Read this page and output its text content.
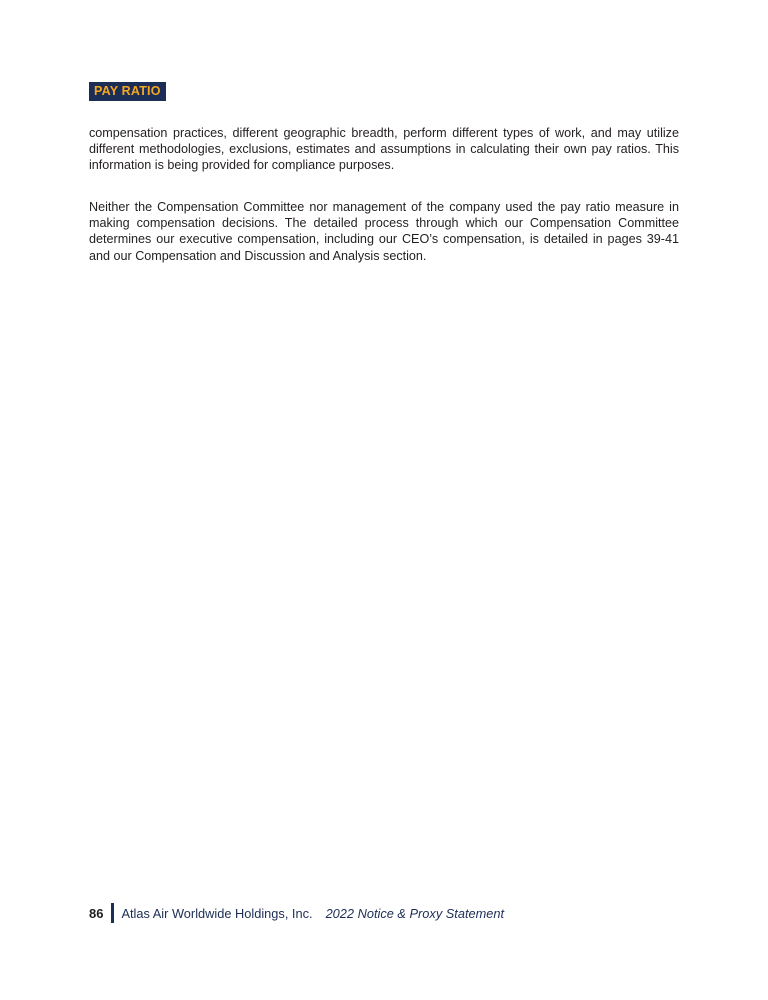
PAY RATIO

compensation practices, different geographic breadth, perform different types of work, and may utilize different methodologies, exclusions, estimates and assumptions in calculating their own pay ratios. This information is being provided for compliance purposes.

Neither the Compensation Committee nor management of the company used the pay ratio measure in making compensation decisions. The detailed process through which our Compensation Committee determines our executive compensation, including our CEO’s compensation, is detailed in pages 39-41 and our Compensation and Discussion and Analysis section.

86 Atlas Air Worldwide Holdings, Inc. 2022 Notice & Proxy Statement
